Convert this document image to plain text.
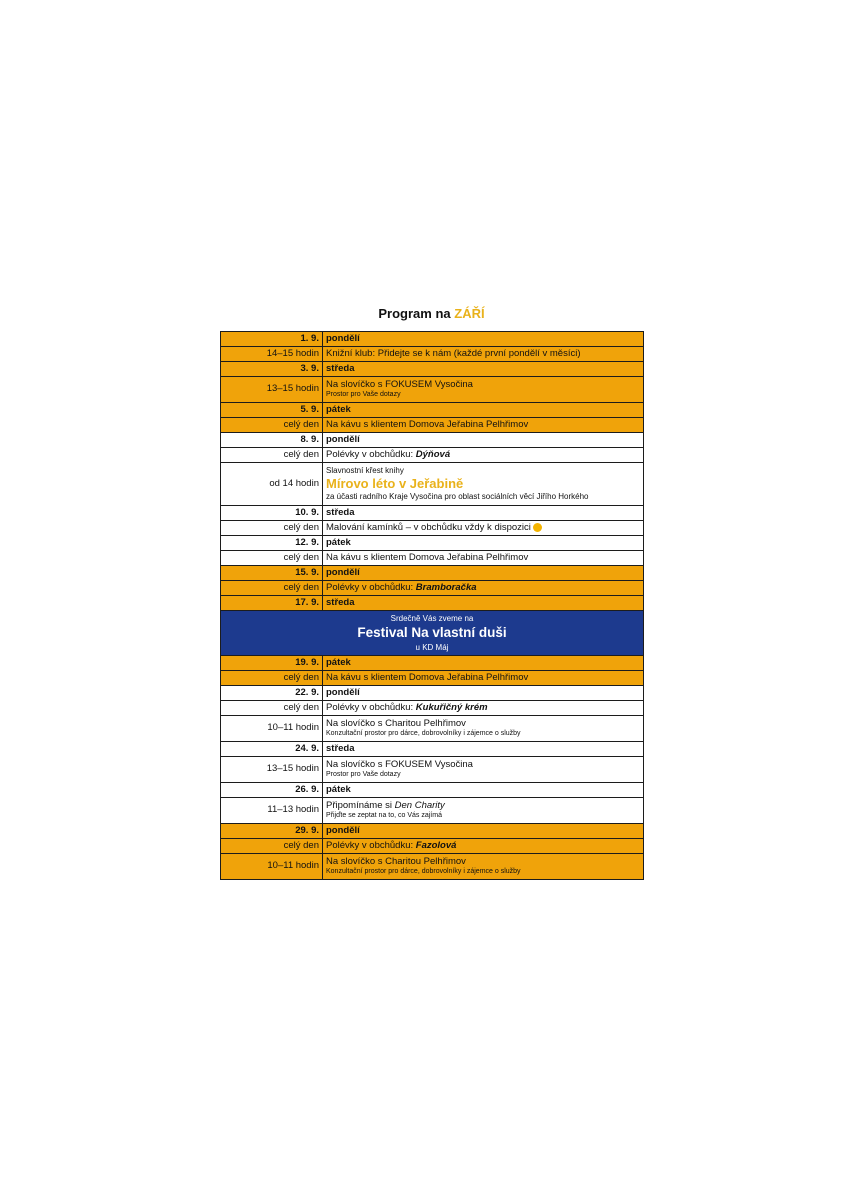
Program na ZÁŘÍ
1. 9.	pondělí
14–15 hodin	Knižní klub: Přidejte se k nám (každé první pondělí v měsíci)
3. 9.	středa
13–15 hodin	Na slovíčko s FOKUSEM Vysočina
Prostor pro Vaše dotazy

5. 9.	pátek
celý den	Na kávu s klientem Domova Jeřabina Pelhřimov
8. 9.	pondělí
celý den	Polévky v obchůdku: Dýňová
od 14 hodin	Slavnostní křest knihy
Mírovo léto v Jeřabině
za účasti radního Kraje Vysočina pro oblast sociálních věcí Jiřího Horkého

10. 9.	středa
celý den	Malování kamínků – v obchůdku vždy k dispozici
12. 9.	pátek
celý den	Na kávu s klientem Domova Jeřabina Pelhřimov
15. 9.	pondělí
celý den	Polévky v obchůdku: Bramboračka
17. 9.	středa

Srdečně Vás zveme na
Festival Na vlastní duši
u KD Máj	

19. 9.	pátek
celý den	Na kávu s klientem Domova Jeřabina Pelhřimov
22. 9.	pondělí
celý den	Polévky v obchůdku: Kukuřičný krém
10–11 hodin	Na slovíčko s Charitou Pelhřimov
Konzultační prostor pro dárce, dobrovolníky i zájemce o služby

24. 9.	středa
13–15 hodin	Na slovíčko s FOKUSEM Vysočina
Prostor pro Vaše dotazy

26. 9.	pátek
11–13 hodin	Připomínáme si Den Charity
Přijďte se zeptat na to, co Vás zajímá

29. 9.	pondělí
celý den	Polévky v obchůdku: Fazolová
10–11 hodin	Na slovíčko s Charitou Pelhřimov
Konzultační prostor pro dárce, dobrovolníky i zájemce o služby
